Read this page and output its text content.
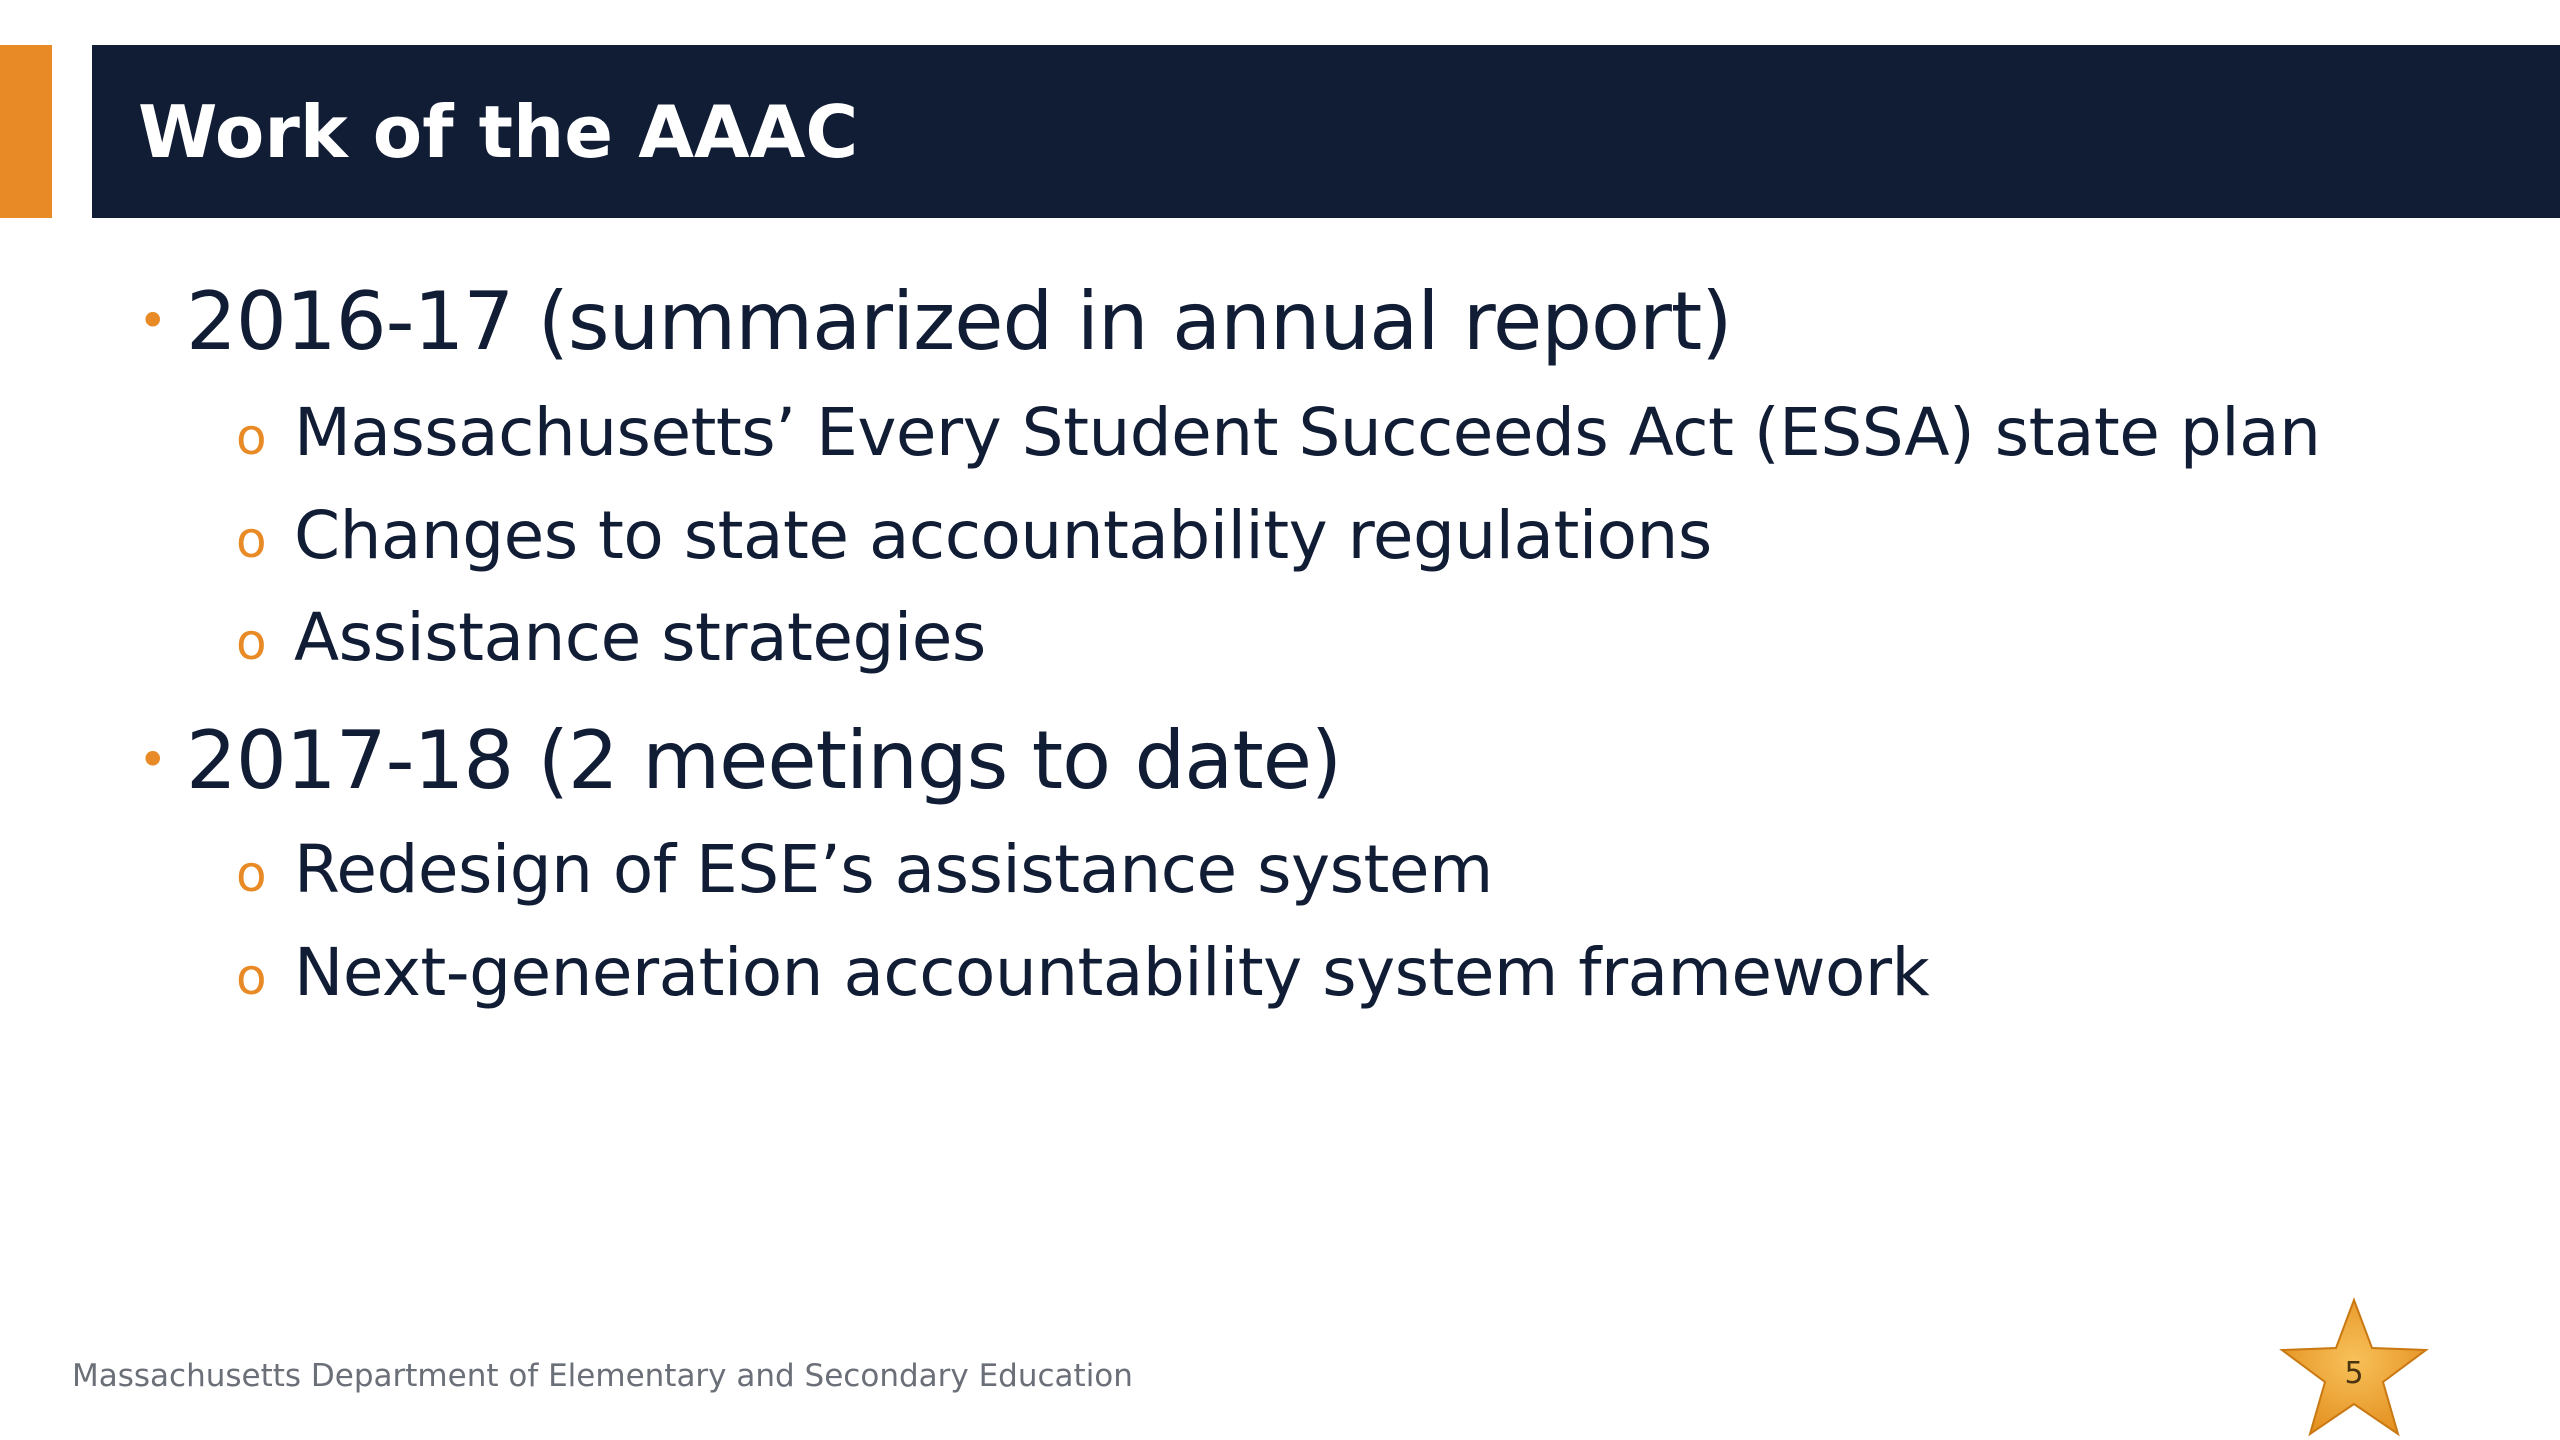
Work of the AAAC
• 2016-17 (summarized in annual report)
o Massachusetts’ Every Student Succeeds Act (ESSA) state plan
o Changes to state accountability regulations
o Assistance strategies
• 2017-18 (2 meetings to date)
o Redesign of ESE’s assistance system
o Next-generation accountability system framework
Massachusetts Department of Elementary and Secondary Education	5
